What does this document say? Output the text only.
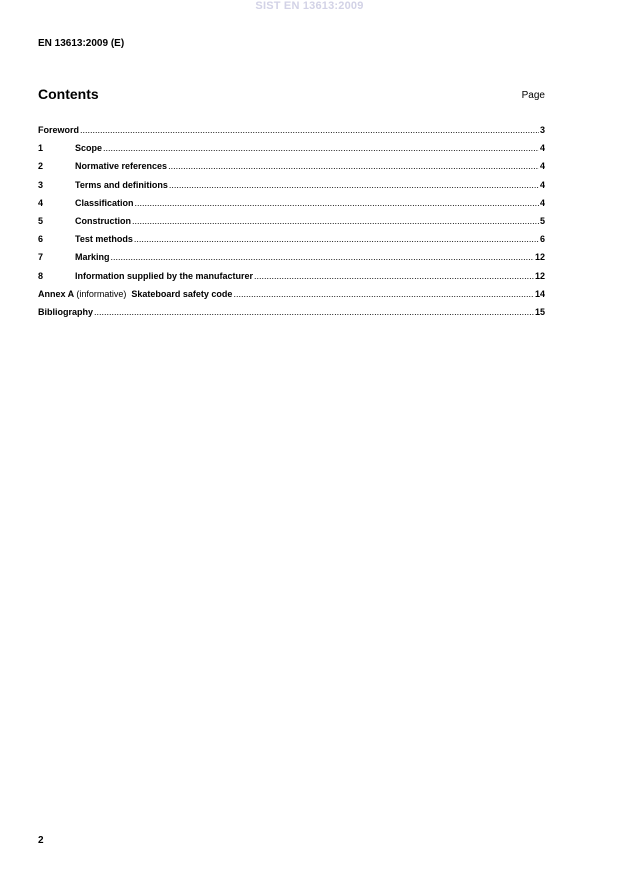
SIST EN 13613:2009
EN 13613:2009 (E)
Contents	Page
Foreword .....	3
1	Scope .....	4
2	Normative references .....	4
3	Terms and definitions .....	4
4	Classification .....	4
5	Construction .....	5
6	Test methods .....	6
7	Marking .....	12
8	Information supplied by the manufacturer .....	12
Annex A (informative) Skateboard safety code .....	14
Bibliography .....	15
2
